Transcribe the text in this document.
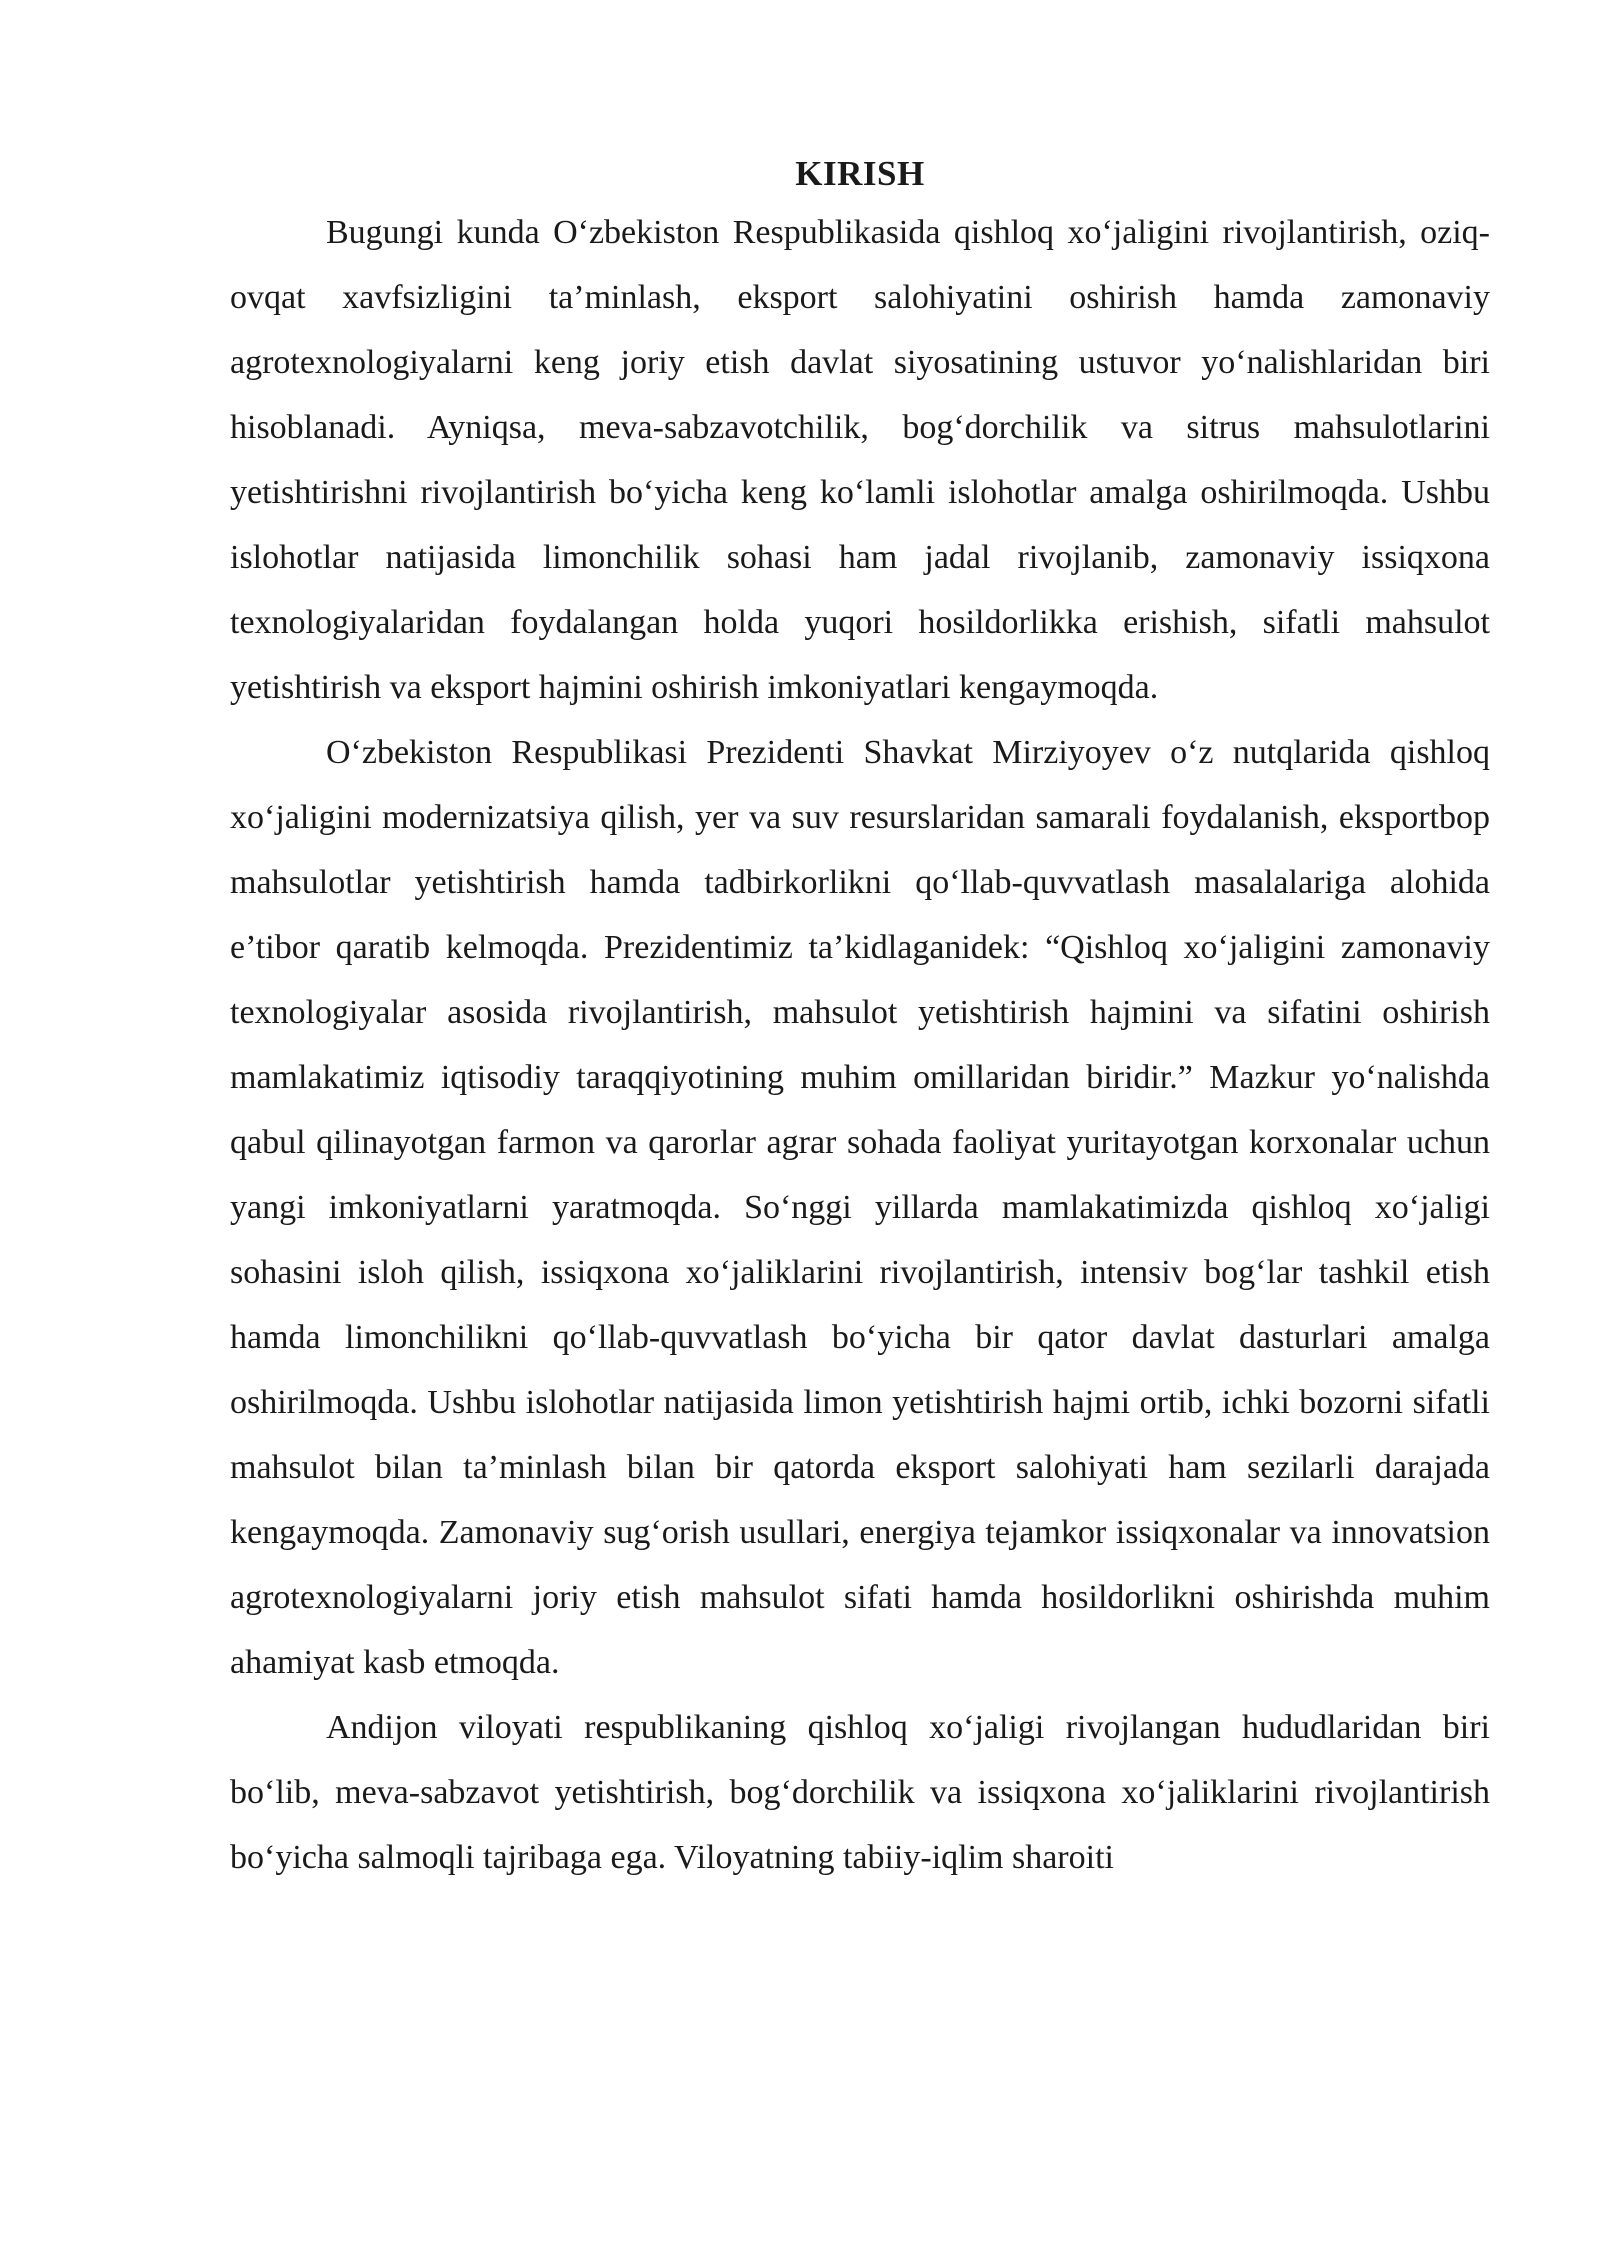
KIRISH

Bugungi kunda O‘zbekiston Respublikasida qishloq xo‘jaligini rivojlantirish, oziq-ovqat xavfsizligini ta’minlash, eksport salohiyatini oshirish hamda zamonaviy agrotexnologiyalarni keng joriy etish davlat siyosatining ustuvor yo‘nalishlaridan biri hisoblanadi. Ayniqsa, meva-sabzavotchilik, bog‘dorchilik va sitrus mahsulotlarini yetishtirishni rivojlantirish bo‘yicha keng ko‘lamli islohotlar amalga oshirilmoqda. Ushbu islohotlar natijasida limonchilik sohasi ham jadal rivojlanib, zamonaviy issiqxona texnologiyalaridan foydalangan holda yuqori hosildorlikka erishish, sifatli mahsulot yetishtirish va eksport hajmini oshirish imkoniyatlari kengaymoqda.

O‘zbekiston Respublikasi Prezidenti Shavkat Mirziyoyev o‘z nutqlarida qishloq xo‘jaligini modernizatsiya qilish, yer va suv resurslaridan samarali foydalanish, eksportbop mahsulotlar yetishtirish hamda tadbirkorlikni qo‘llab-quvvatlash masalalariga alohida e’tibor qaratib kelmoqda. Prezidentimiz ta’kidlaganidek: “Qishloq xo‘jaligini zamonaviy texnologiyalar asosida rivojlantirish, mahsulot yetishtirish hajmini va sifatini oshirish mamlakatimiz iqtisodiy taraqqiyotining muhim omillaridan biridir.” Mazkur yo‘nalishda qabul qilinayotgan farmon va qarorlar agrar sohada faoliyat yuritayotgan korxonalar uchun yangi imkoniyatlarni yaratmoqda. So‘nggi yillarda mamlakatimizda qishloq xo‘jaligi sohasini isloh qilish, issiqxona xo‘jaliklarini rivojlantirish, intensiv bog‘lar tashkil etish hamda limonchilikni qo‘llab-quvvatlash bo‘yicha bir qator davlat dasturlari amalga oshirilmoqda. Ushbu islohotlar natijasida limon yetishtirish hajmi ortib, ichki bozorni sifatli mahsulot bilan ta’minlash bilan bir qatorda eksport salohiyati ham sezilarli darajada kengaymoqda. Zamonaviy sug‘orish usullari, energiya tejamkor issiqxonalar va innovatsion agrotexnologiyalarni joriy etish mahsulot sifati hamda hosildorlikni oshirishda muhim ahamiyat kasb etmoqda.

Andijon viloyati respublikaning qishloq xo‘jaligi rivojlangan hududlaridan biri bo‘lib, meva-sabzavot yetishtirish, bog‘dorchilik va issiqxona xo‘jaliklarini rivojlantirish bo‘yicha salmoqli tajribaga ega. Viloyatning tabiiy-iqlim sharoiti
